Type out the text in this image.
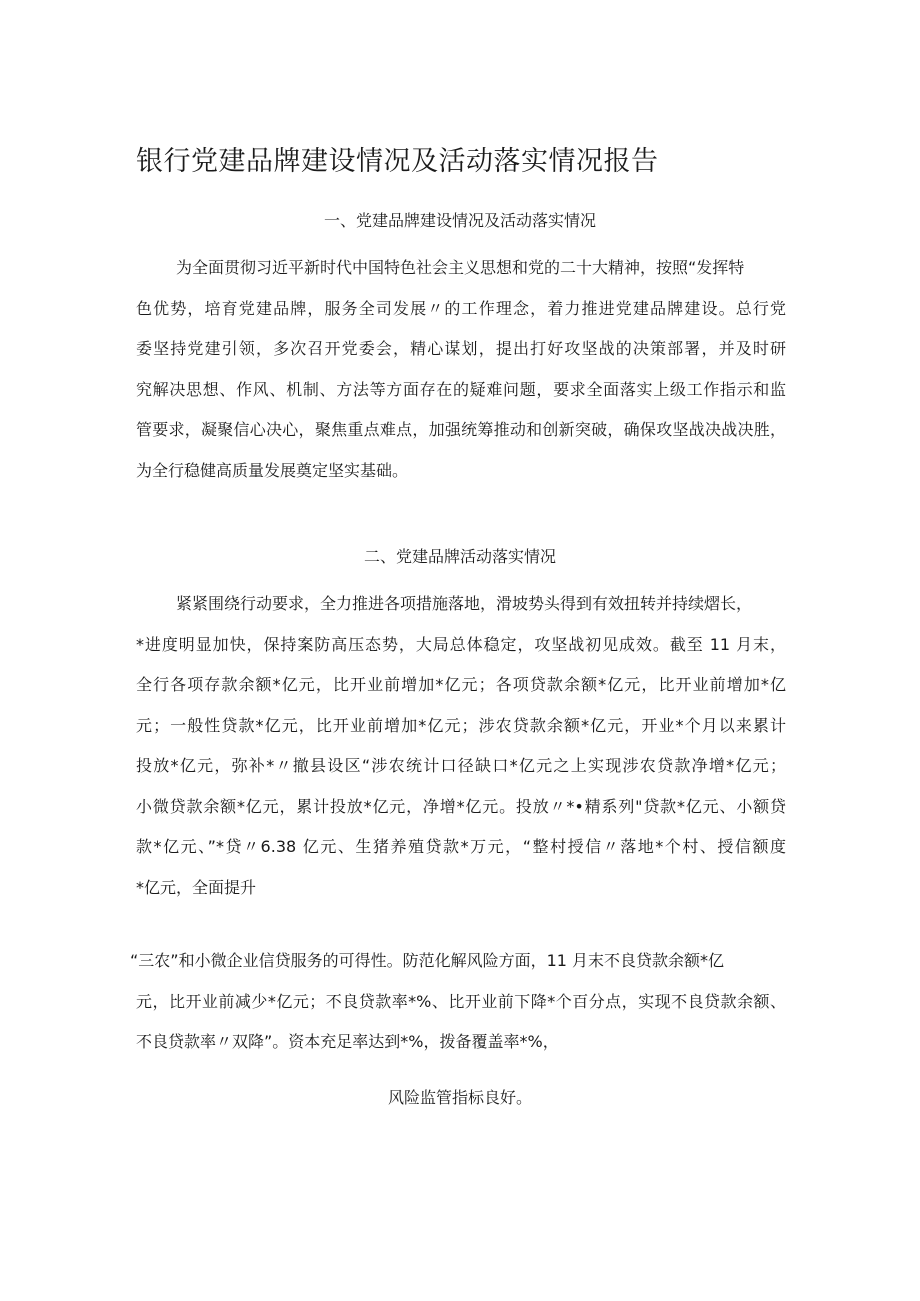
银行党建品牌建设情况及活动落实情况报告
一、党建品牌建设情况及活动落实情况
为全面贯彻习近平新时代中国特色社会主义思想和党的二十大精神，按照“发挥特
色优势，培育党建品牌，服务全司发展〃的工作理念，着力推进党建品牌建设。总行党
委坚持党建引领，多次召开党委会，精心谋划，提出打好攻坚战的决策部署，并及时研
究解决思想、作风、机制、方法等方面存在的疑难问题，要求全面落实上级工作指示和监
管要求，凝聚信心决心，聚焦重点难点，加强统筹推动和创新突破，确保攻坚战决战决胜，
为全行稳健高质量发展奠定坚实基础。
二、党建品牌活动落实情况
紧紧围绕行动要求，全力推进各项措施落地，滑坡势头得到有效扭转并持续熠长，
*进度明显加快，保持案防高压态势，大局总体稳定，攻坚战初见成效。截至 11 月末，
全行各项存款余额*亿元，比开业前增加*亿元；各项贷款余额*亿元，比开业前增加*亿
元；一般性贷款*亿元，比开业前增加*亿元；涉农贷款余额*亿元，开业*个月以来累计
投放*亿元，弥补*〃撤县设区“涉农统计口径缺口*亿元之上实现涉农贷款净增*亿元；
小微贷款余额*亿元，累计投放*亿元，净增*亿元。投放〃*•精系列"贷款*亿元、小额贷
款*亿元、”*贷〃6.38 亿元、生猪养殖贷款*万元，“整村授信〃落地*个村、授信额度
*亿元，全面提升
“三农”和小微企业信贷服务的可得性。防范化解风险方面，11 月末不良贷款余额*亿
元，比开业前减少*亿元；不良贷款率*%、比开业前下降*个百分点，实现不良贷款余额、
不良贷款率〃双降”。资本充足率达到*%，拨备覆盖率*%，

风险监管指标良好。
